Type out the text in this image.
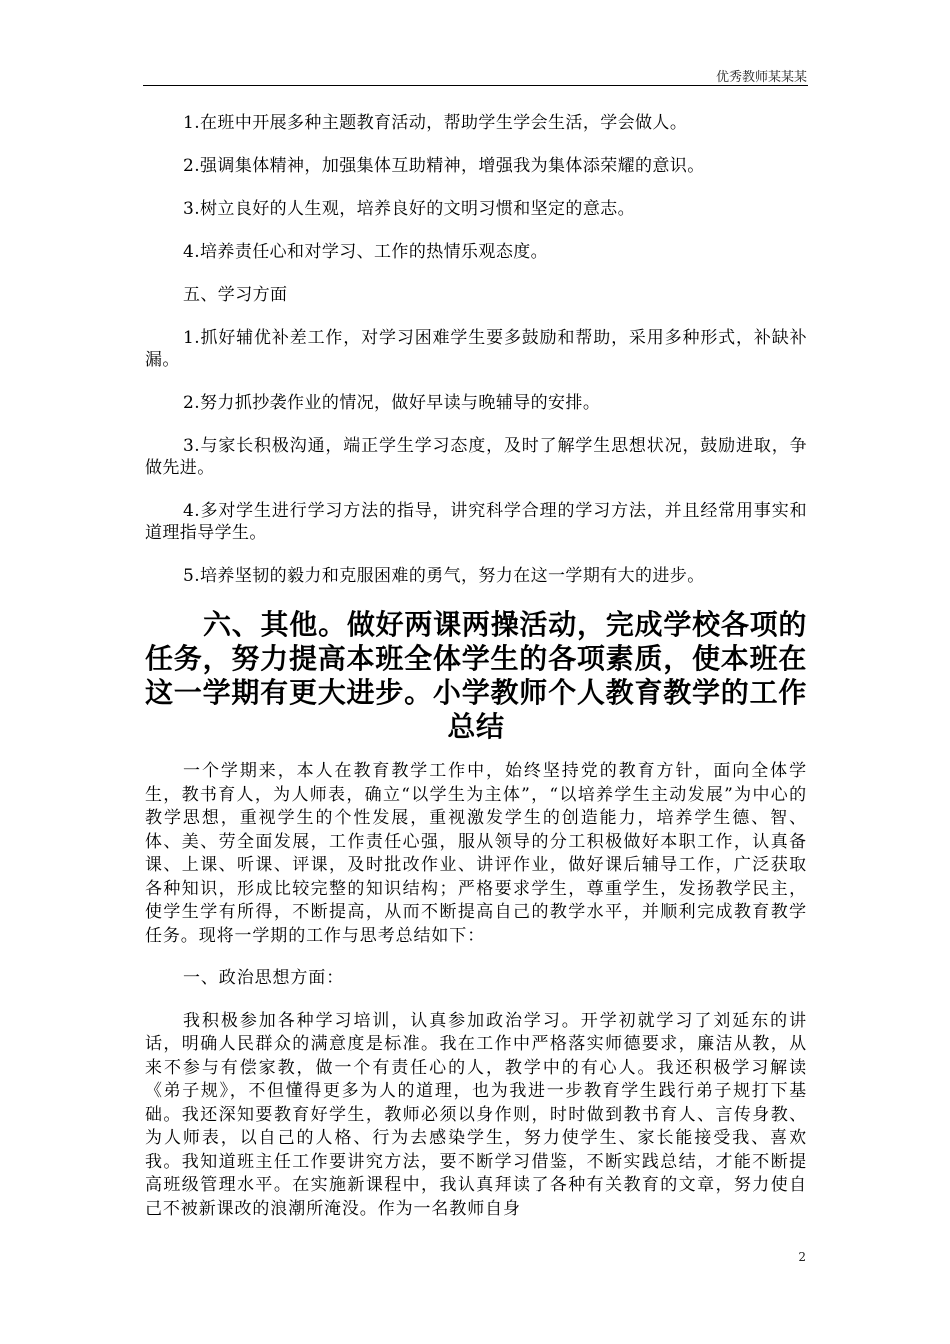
优秀教师某某某

1.在班中开展多种主题教育活动，帮助学生学会生活，学会做人。

2.强调集体精神，加强集体互助精神，增强我为集体添荣耀的意识。

3.树立良好的人生观，培养良好的文明习惯和坚定的意志。

4.培养责任心和对学习、工作的热情乐观态度。

五、学习方面

1.抓好辅优补差工作，对学习困难学生要多鼓励和帮助，采用多种形式，补缺补漏。

2.努力抓抄袭作业的情况，做好早读与晚辅导的安排。

3.与家长积极沟通，端正学生学习态度，及时了解学生思想状况，鼓励进取，争做先进。

4.多对学生进行学习方法的指导，讲究科学合理的学习方法，并且经常用事实和道理指导学生。

5.培养坚韧的毅力和克服困难的勇气，努力在这一学期有大的进步。

六、其他。做好两课两操活动，完成学校各项的任务，努力提高本班全体学生的各项素质，使本班在这一学期有更大进步。小学教师个人教育教学的工作总结

一个学期来，本人在教育教学工作中，始终坚持党的教育方针，面向全体学生，教书育人，为人师表，确立“以学生为主体”，“以培养学生主动发展”为中心的教学思想，重视学生的个性发展，重视激发学生的创造能力，培养学生德、智、体、美、劳全面发展，工作责任心强，服从领导的分工积极做好本职工作，认真备课、上课、听课、评课，及时批改作业、讲评作业，做好课后辅导工作，广泛获取各种知识，形成比较完整的知识结构；严格要求学生，尊重学生，发扬教学民主，使学生学有所得，不断提高，从而不断提高自己的教学水平，并顺利完成教育教学任务。现将一学期的工作与思考总结如下：

一、政治思想方面：

我积极参加各种学习培训，认真参加政治学习。开学初就学习了刘延东的讲话，明确人民群众的满意度是标准。我在工作中严格落实师德要求，廉洁从教，从来不参与有偿家教，做一个有责任心的人，教学中的有心人。我还积极学习解读《弟子规》，不但懂得更多为人的道理，也为我进一步教育学生践行弟子规打下基础。我还深知要教育好学生，教师必须以身作则，时时做到教书育人、言传身教、为人师表，以自己的人格、行为去感染学生，努力使学生、家长能接受我、喜欢我。我知道班主任工作要讲究方法，要不断学习借鉴，不断实践总结，才能不断提高班级管理水平。在实施新课程中，我认真拜读了各种有关教育的文章，努力使自己不被新课改的浪潮所淹没。作为一名教师自身

2
